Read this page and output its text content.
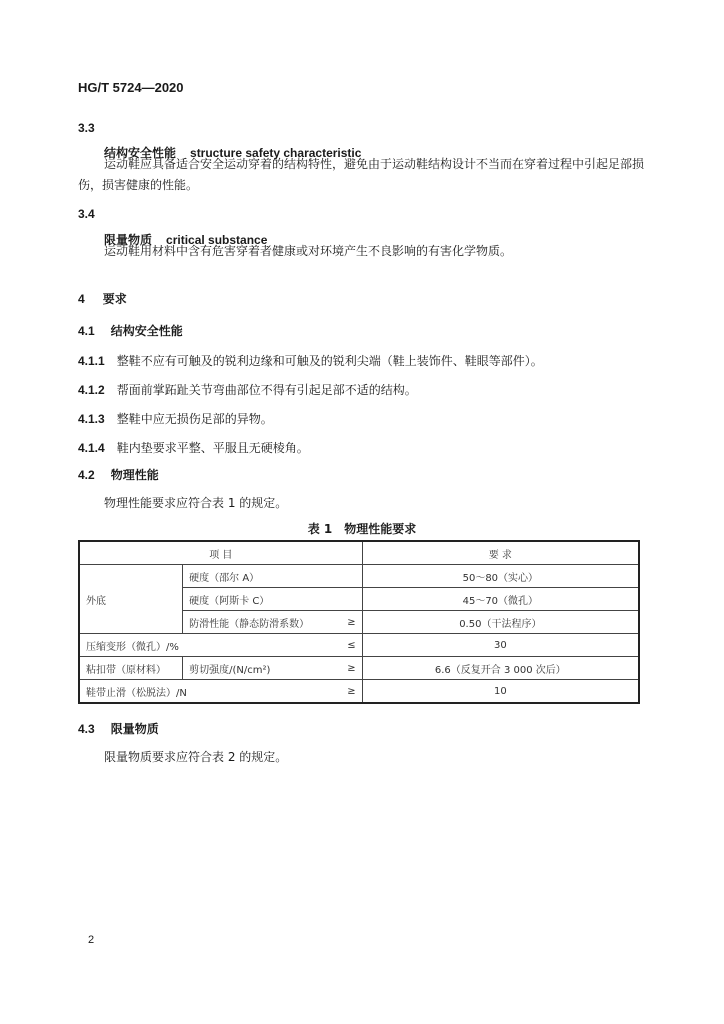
HG/T 5724—2020
3.3
结构安全性能 structure safety characteristic
运动鞋应具备适合安全运动穿着的结构特性，避免由于运动鞋结构设计不当而在穿着过程中引起足部损伤，损害健康的性能。
3.4
限量物质 critical substance
运动鞋用材料中含有危害穿着者健康或对环境产生不良影响的有害化学物质。
4 要求
4.1 结构安全性能
4.1.1 整鞋不应有可触及的锐利边缘和可触及的锐利尖端（鞋上装饰件、鞋眼等部件）。
4.1.2 帮面前掌跖趾关节弯曲部位不得有引起足部不适的结构。
4.1.3 整鞋中应无损伤足部的异物。
4.1.4 鞋内垫要求平整、平服且无硬棱角。
4.2 物理性能
物理性能要求应符合表 1 的规定。
表 1 物理性能要求
项 目			要 求
外底	硬度（邵尔 A）		50～80（实心）
	硬度（阿斯卡 C）		45～70（微孔）
	防滑性能（静态防滑系数）	≥	0.50（干法程序）
压缩变形（微孔）/%		≤	30
粘扣带（原材料）	剪切强度/(N/cm²)	≥	6.6（反复开合 3 000 次后）
鞋带止滑（松脱法）/N		≥	10
4.3 限量物质
限量物质要求应符合表 2 的规定。
2
